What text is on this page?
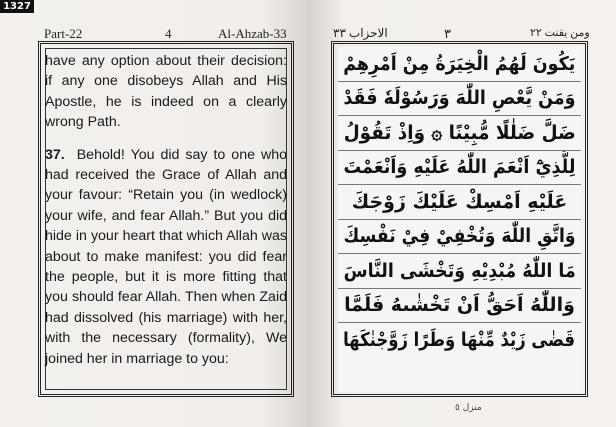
1327
Part-22	4	Al-Ahzab-33	الاحزاب ٣٣	٣	ومن يقنت ٢٢

have any option about their decision: if any one disobeys Allah and His Apostle, he is indeed on a clearly wrong Path.

37. Behold! You did say to one who had received the Grace of Allah and your favour: “Retain you (in wedlock) your wife, and fear Allah.” But you did hide in your heart that which Allah was about to make manifest: you did fear the people, but it is more fitting that you should fear Allah. Then when Zaid had dissolved (his marriage) with her, with the necessary (formality), We joined her in marriage to you:

يَكُونَ لَهُمُ الْخِيَرَةُ مِنْ اَمْرِهِمْ
وَمَنْ يَّعْصِ اللّٰهَ وَرَسُوْلَهٗ فَقَدْ
ضَلَّ ضَلٰلًا مُّبِيْنًا ۞ وَاِذْ تَقُوْلُ
لِلَّذِيْٓ اَنْعَمَ اللّٰهُ عَلَيْهِ وَاَنْعَمْتَ
عَلَيْهِ اَمْسِكْ عَلَيْكَ زَوْجَكَ
وَاتَّقِ اللّٰهَ وَتُخْفِيْ فِيْ نَفْسِكَ
مَا اللّٰهُ مُبْدِيْهِ وَتَخْشَى النَّاسَ
وَاللّٰهُ اَحَقُّ اَنْ تَخْشٰىهُ فَلَمَّا
قَضٰى زَيْدٌ مِّنْهَا وَطَرًا زَوَّجْنٰكَهَا
منزل ٥
